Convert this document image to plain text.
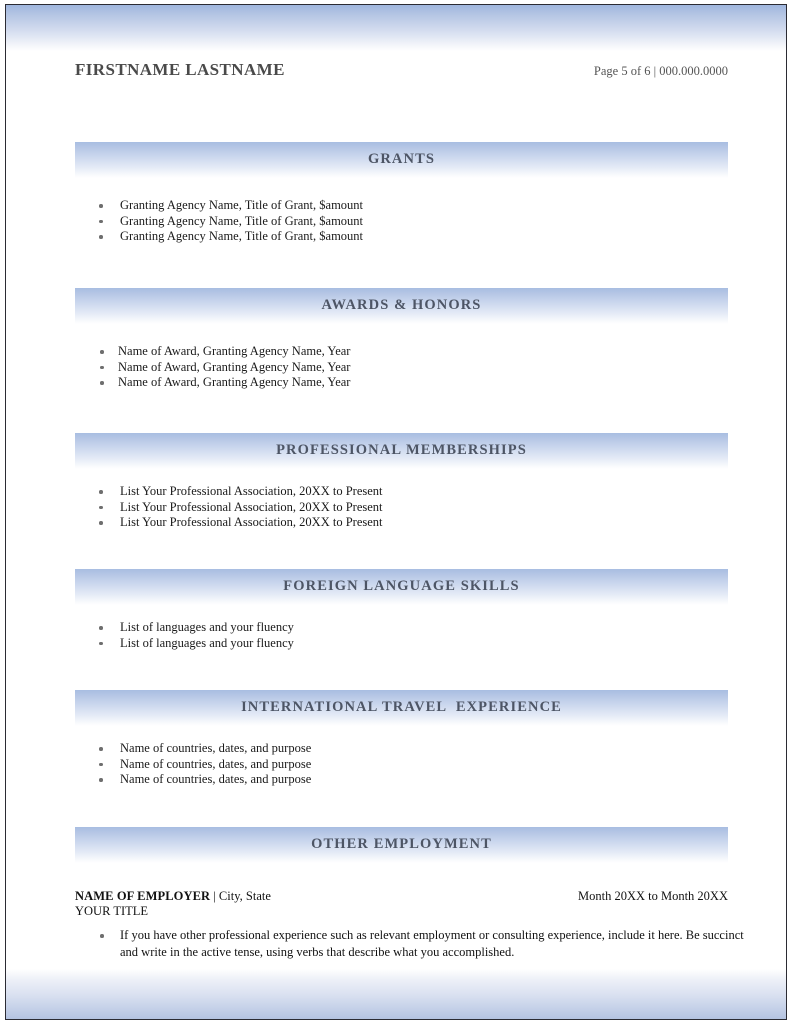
FIRSTNAME LASTNAME	Page 5 of 6 | 000.000.0000
GRANTS
Granting Agency Name, Title of Grant, $amount
Granting Agency Name, Title of Grant, $amount
Granting Agency Name, Title of Grant, $amount
AWARDS & HONORS
Name of Award, Granting Agency Name, Year
Name of Award, Granting Agency Name, Year
Name of Award, Granting Agency Name, Year
PROFESSIONAL MEMBERSHIPS
List Your Professional Association, 20XX to Present
List Your Professional Association, 20XX to Present
List Your Professional Association, 20XX to Present
FOREIGN LANGUAGE SKILLS
List of languages and your fluency
List of languages and your fluency
INTERNATIONAL TRAVEL  EXPERIENCE
Name of countries, dates, and purpose
Name of countries, dates, and purpose
Name of countries, dates, and purpose
OTHER EMPLOYMENT
NAME OF EMPLOYER | City, State	Month 20XX to Month 20XX
YOUR TITLE
If you have other professional experience such as relevant employment or consulting experience, include it here. Be succinct and write in the active tense, using verbs that describe what you accomplished.
